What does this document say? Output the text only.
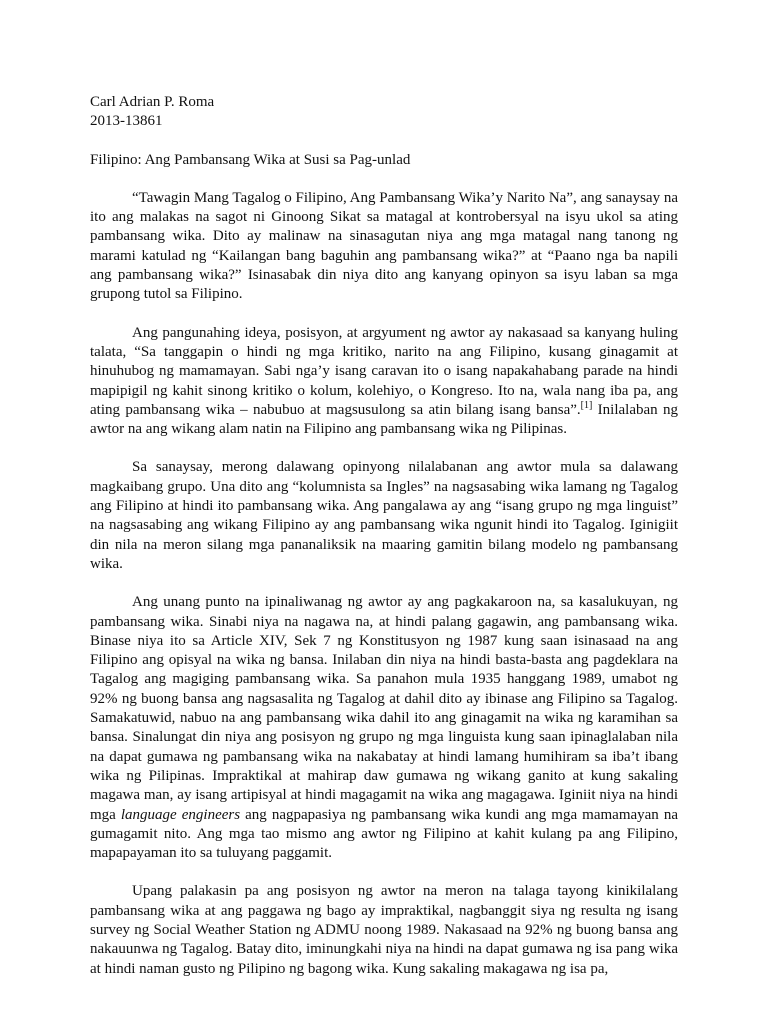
Carl Adrian P. Roma
2013-13861
Filipino: Ang Pambansang Wika at Susi sa Pag-unlad

“Tawagin Mang Tagalog o Filipino, Ang Pambansang Wika’y Narito Na”, ang sanaysay na ito ang malakas na sagot ni Ginoong Sikat sa matagal at kontrobersyal na isyu ukol sa ating pambansang wika. Dito ay malinaw na sinasagutan niya ang mga matagal nang tanong ng marami katulad ng “Kailangan bang baguhin ang pambansang wika?” at “Paano nga ba napili ang pambansang wika?” Isinasabak din niya dito ang kanyang opinyon sa isyu laban sa mga grupong tutol sa Filipino.

Ang pangunahing ideya, posisyon, at argyument ng awtor ay nakasaad sa kanyang huling talata, “Sa tanggapin o hindi ng mga kritiko, narito na ang Filipino, kusang ginagamit at hinuhubog ng mamamayan. Sabi nga’y isang caravan ito o isang napakahabang parade na hindi mapipigil ng kahit sinong kritiko o kolum, kolehiyo, o Kongreso. Ito na, wala nang iba pa, ang ating pambansang wika – nabubuo at magsusulong sa atin bilang isang bansa”.[1] Inilalaban ng awtor na ang wikang alam natin na Filipino ang pambansang wika ng Pilipinas.

Sa sanaysay, merong dalawang opinyong nilalabanan ang awtor mula sa dalawang magkaibang grupo. Una dito ang “kolumnista sa Ingles” na nagsasabing wika lamang ng Tagalog ang Filipino at hindi ito pambansang wika. Ang pangalawa ay ang “isang grupo ng mga linguist” na nagsasabing ang wikang Filipino ay ang pambansang wika ngunit hindi ito Tagalog. Iginigiit din nila na meron silang mga pananaliksik na maaring gamitin bilang modelo ng pambansang wika.

Ang unang punto na ipinaliwanag ng awtor ay ang pagkakaroon na, sa kasalukuyan, ng pambansang wika. Sinabi niya na nagawa na, at hindi palang gagawin, ang pambansang wika. Binase niya ito sa Article XIV, Sek 7 ng Konstitusyon ng 1987 kung saan isinasaad na ang Filipino ang opisyal na wika ng bansa. Inilaban din niya na hindi basta-basta ang pagdeklara na Tagalog ang magiging pambansang wika. Sa panahon mula 1935 hanggang 1989, umabot ng 92% ng buong bansa ang nagsasalita ng Tagalog at dahil dito ay ibinase ang Filipino sa Tagalog. Samakatuwid, nabuo na ang pambansang wika dahil ito ang ginagamit na wika ng karamihan sa bansa. Sinalungat din niya ang posisyon ng grupo ng mga linguista kung saan ipinaglalaban nila na dapat gumawa ng pambansang wika na nakabatay at hindi lamang humihiram sa iba’t ibang wika ng Pilipinas. Impraktikal at mahirap daw gumawa ng wikang ganito at kung sakaling magawa man, ay isang artipisyal at hindi magagamit na wika ang magagawa. Iginiit niya na hindi mga language engineers ang nagpapasiya ng pambansang wika kundi ang mga mamamayan na gumagamit nito. Ang mga tao mismo ang awtor ng Filipino at kahit kulang pa ang Filipino, mapapayaman ito sa tuluyang paggamit.

Upang palakasin pa ang posisyon ng awtor na meron na talaga tayong kinikilalang pambansang wika at ang paggawa ng bago ay impraktikal, nagbanggit siya ng resulta ng isang survey ng Social Weather Station ng ADMU noong 1989. Nakasaad na 92% ng buong bansa ang nakauunwa ng Tagalog. Batay dito, iminungkahi niya na hindi na dapat gumawa ng isa pang wika at hindi naman gusto ng Pilipino ng bagong wika. Kung sakaling makagawa ng isa pa,
